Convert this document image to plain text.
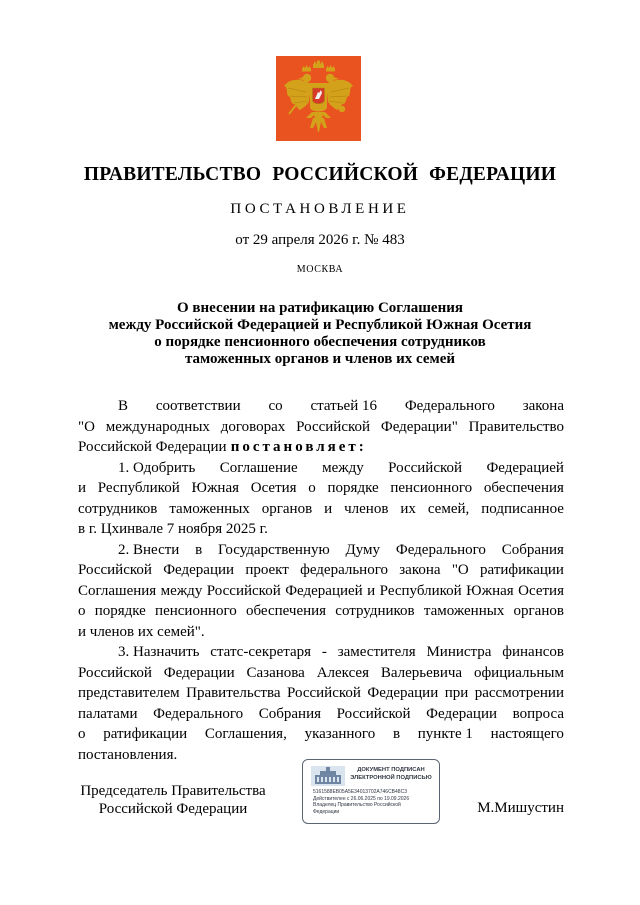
ПРАВИТЕЛЬСТВО РОССИЙСКОЙ ФЕДЕРАЦИИ
ПОСТАНОВЛЕНИЕ
от 29 апреля 2026 г. № 483
МОСКВА
О внесении на ратификацию Соглашения
между Российской Федерацией и Республикой Южная Осетия
о порядке пенсионного обеспечения сотрудников
таможенных органов и членов их семей
В соответствии со статьей 16 Федерального закона
"О международных договорах Российской Федерации" Правительство
Российской Федерации постановляет:
1. Одобрить Соглашение между Российской Федерацией
и Республикой Южная Осетия о порядке пенсионного обеспечения
сотрудников таможенных органов и членов их семей, подписанное
в г. Цхинвале 7 ноября 2025 г.
2. Внести в Государственную Думу Федерального Собрания
Российской Федерации проект федерального закона "О ратификации
Соглашения между Российской Федерацией и Республикой Южная Осетия
о порядке пенсионного обеспечения сотрудников таможенных органов
и членов их семей".
3. Назначить статс-секретаря - заместителя Министра финансов
Российской Федерации Сазанова Алексея Валерьевича официальным
представителем Правительства Российской Федерации при рассмотрении
палатами Федерального Собрания Российской Федерации вопроса
о ратификации Соглашения, указанного в пункте 1 настоящего
постановления.
Председатель Правительства
Российской Федерации
ДОКУМЕНТ ПОДПИСАН
ЭЛЕКТРОННОЙ ПОДПИСЬЮ
5161588EB05A5E34013702A746CB48C3
Действителен с 26.06.2025 по 19.09.2026
Владелец Правительство Российской
Федерации	М.Мишустин
